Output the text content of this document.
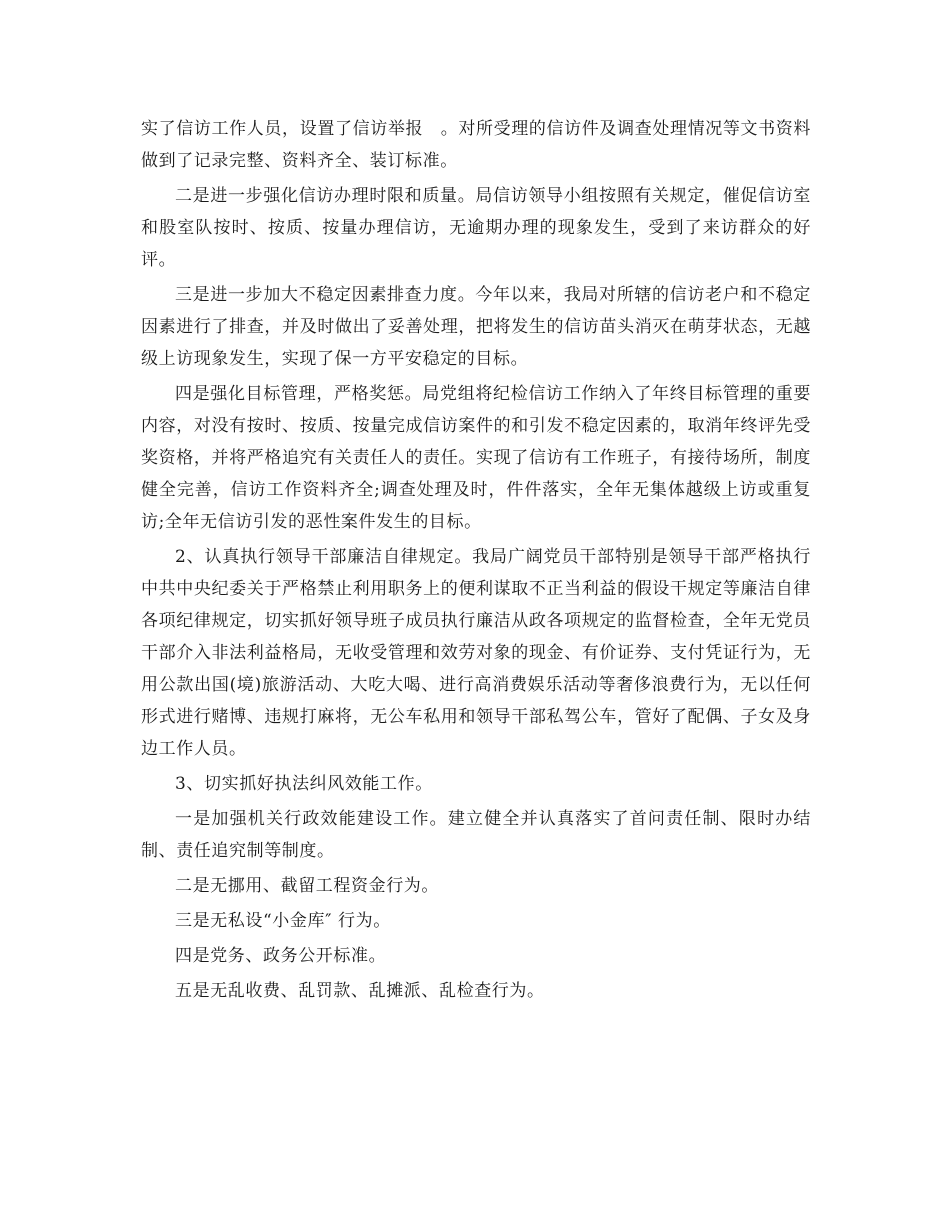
实了信访工作人员，设置了信访举报　。对所受理的信访件及调查处理情况等文书资料做到了记录完整、资料齐全、装订标准。

二是进一步强化信访办理时限和质量。局信访领导小组按照有关规定，催促信访室和股室队按时、按质、按量办理信访，无逾期办理的现象发生，受到了来访群众的好评。

三是进一步加大不稳定因素排查力度。今年以来，我局对所辖的信访老户和不稳定因素进行了排查，并及时做出了妥善处理，把将发生的信访苗头消灭在萌芽状态，无越级上访现象发生，实现了保一方平安稳定的目标。

四是强化目标管理，严格奖惩。局党组将纪检信访工作纳入了年终目标管理的重要内容，对没有按时、按质、按量完成信访案件的和引发不稳定因素的，取消年终评先受奖资格，并将严格追究有关责任人的责任。实现了信访有工作班子，有接待场所，制度健全完善，信访工作资料齐全;调查处理及时，件件落实，全年无集体越级上访或重复访;全年无信访引发的恶性案件发生的目标。

2、认真执行领导干部廉洁自律规定。我局广阔党员干部特别是领导干部严格执行中共中央纪委关于严格禁止利用职务上的便利谋取不正当利益的假设干规定等廉洁自律各项纪律规定，切实抓好领导班子成员执行廉洁从政各项规定的监督检查，全年无党员干部介入非法利益格局，无收受管理和效劳对象的现金、有价证券、支付凭证行为，无用公款出国(境)旅游活动、大吃大喝、进行高消费娱乐活动等奢侈浪费行为，无以任何形式进行赌博、违规打麻将，无公车私用和领导干部私驾公车，管好了配偶、子女及身边工作人员。

3、切实抓好执法纠风效能工作。

一是加强机关行政效能建设工作。建立健全并认真落实了首问责任制、限时办结制、责任追究制等制度。

二是无挪用、截留工程资金行为。

三是无私设“小金库″ 行为。

四是党务、政务公开标准。

五是无乱收费、乱罚款、乱摊派、乱检查行为。
